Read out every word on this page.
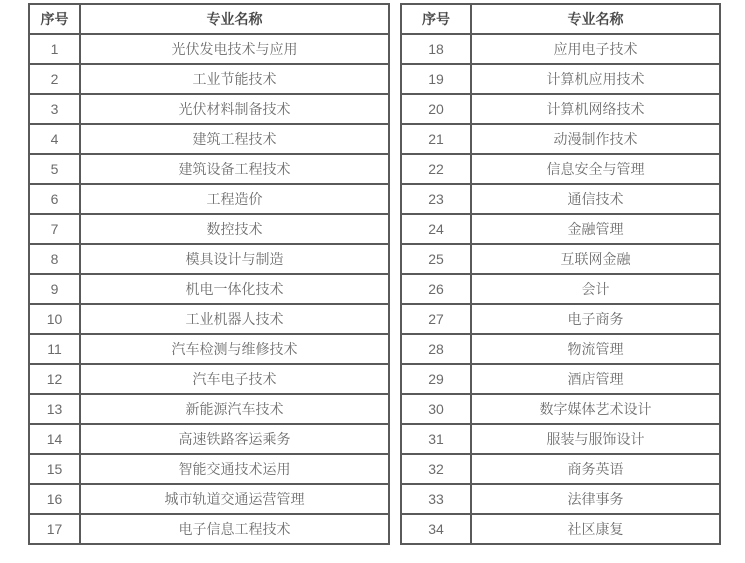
序号	专业名称
1	光伏发电技术与应用
2	工业节能技术
3	光伏材料制备技术
4	建筑工程技术
5	建筑设备工程技术
6	工程造价
7	数控技术
8	模具设计与制造
9	机电一体化技术
10	工业机器人技术
11	汽车检测与维修技术
12	汽车电子技术
13	新能源汽车技术
14	高速铁路客运乘务
15	智能交通技术运用
16	城市轨道交通运营管理
17	电子信息工程技术
序号	专业名称
18	应用电子技术
19	计算机应用技术
20	计算机网络技术
21	动漫制作技术
22	信息安全与管理
23	通信技术
24	金融管理
25	互联网金融
26	会计
27	电子商务
28	物流管理
29	酒店管理
30	数字媒体艺术设计
31	服装与服饰设计
32	商务英语
33	法律事务
34	社区康复
